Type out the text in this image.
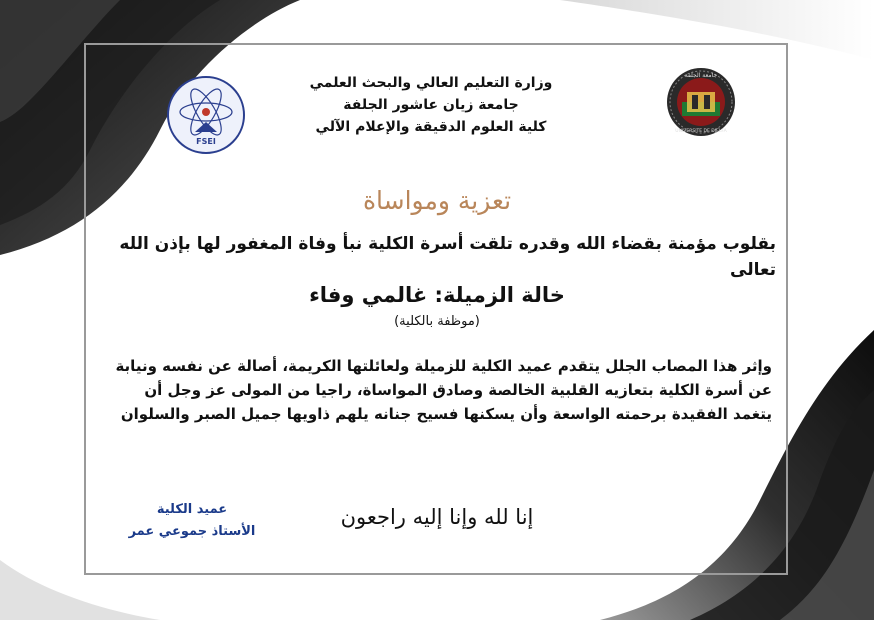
جامعة الجلفة
UNIVERSITE DE DJELFA
FSEI
وزارة التعليم العالي والبحث العلمي
جامعة زيان عاشور الجلفة
كلية العلوم الدقيقة والإعلام الآلي
تعزية ومواساة
بقلوب مؤمنة بقضاء الله وقدره تلقت أسرة الكلية نبأ وفاة المغفور لها بإذن الله تعالى
خالة الزميلة: غالمي وفاء
(موظفة بالكلية)
وإثر هذا المصاب الجلل يتقدم عميد الكلية للزميلة ولعائلتها الكريمة، أصالة عن نفسه ونيابة عن أسرة الكلية بتعازيه القلبية الخالصة وصادق المواساة، راجيا من المولى عز وجل أن يتغمد الفقيدة برحمته الواسعة وأن يسكنها فسيح جنانه يلهم ذاويها جميل الصبر والسلوان
إنا لله وإنا إليه راجعون
عميد الكلية
الأستاذ جموعي عمر
